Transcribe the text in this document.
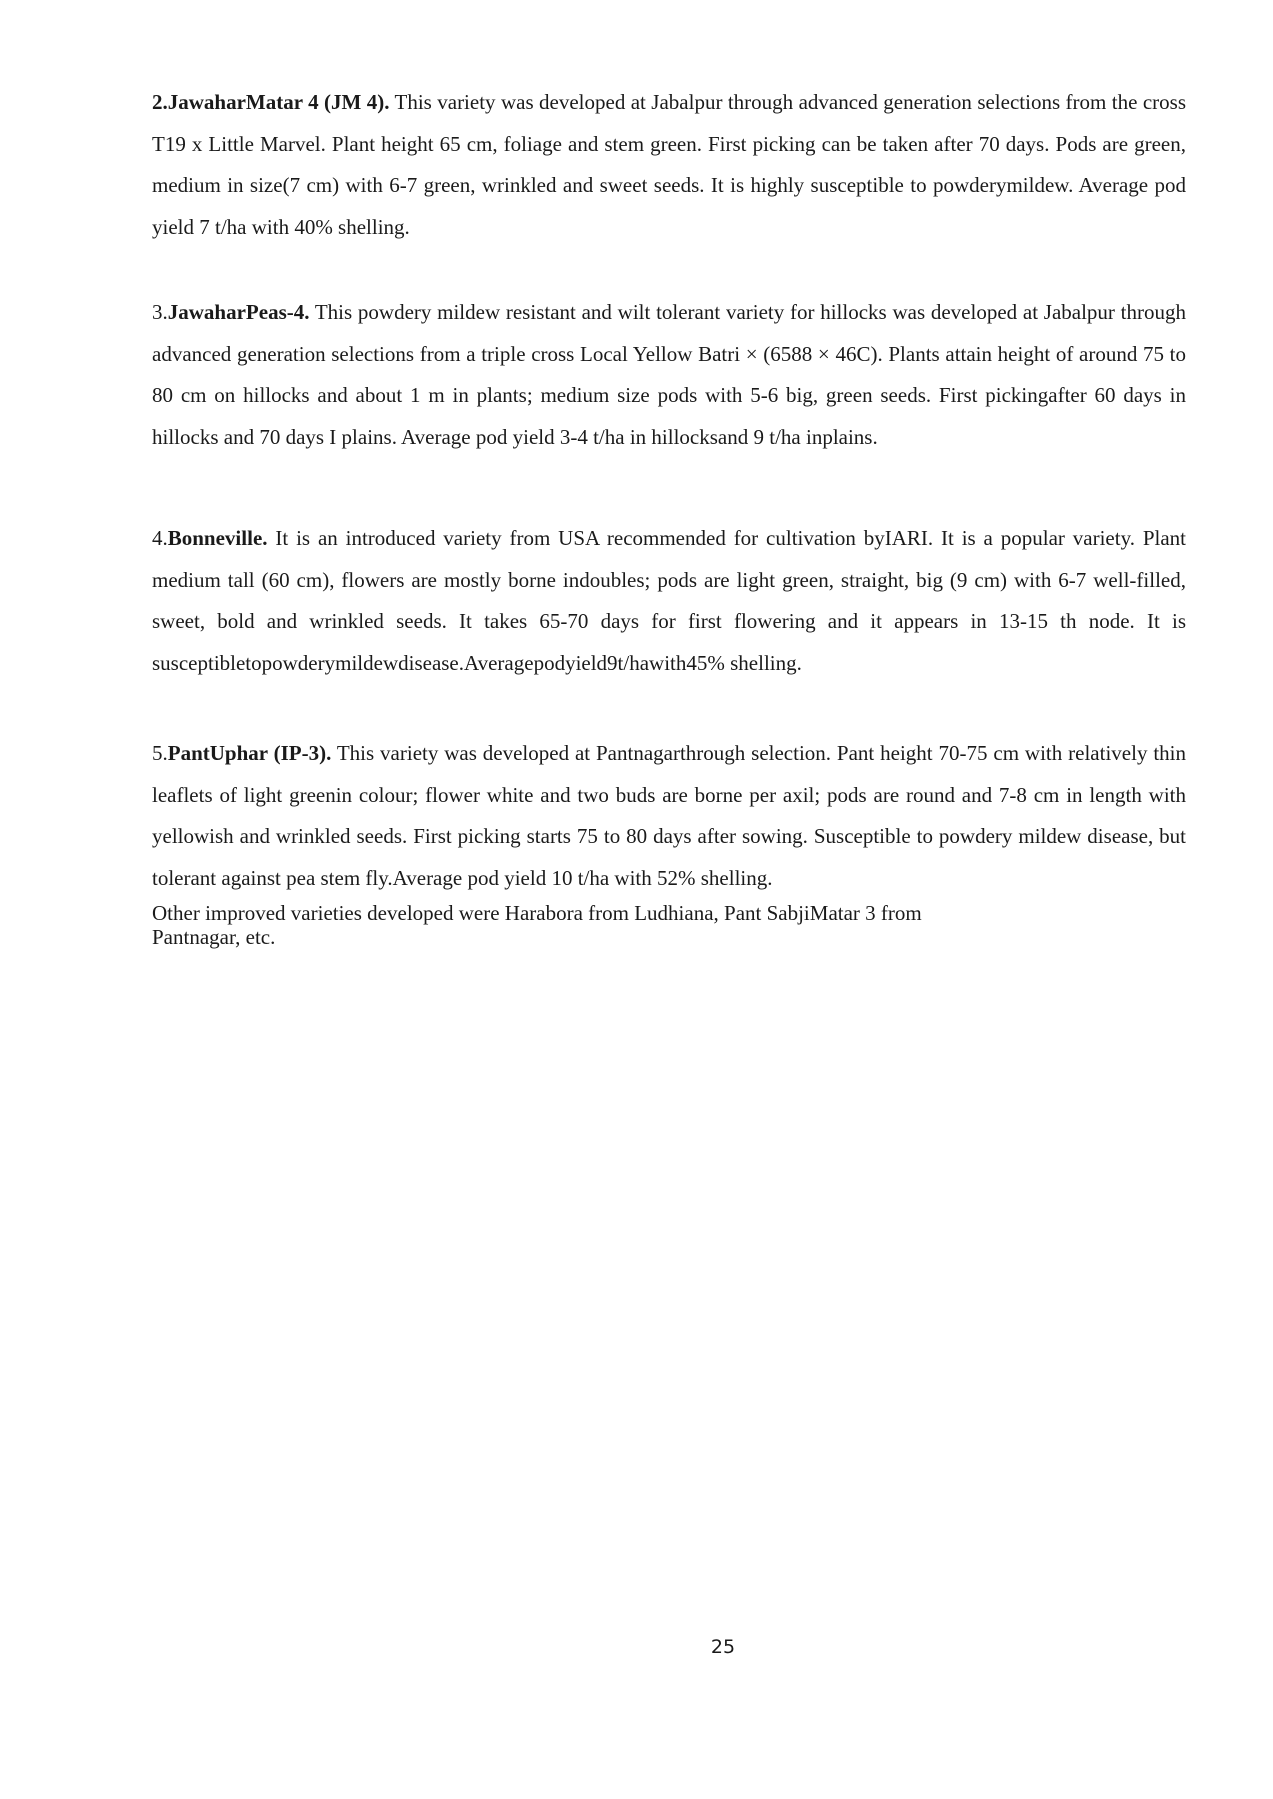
2.JawaharMatar 4 (JM 4). This variety was developed at Jabalpur through advanced generation selections from the cross T19 x Little Marvel. Plant height 65 cm, foliage and stem green. First picking can be taken after 70 days. Pods are green, medium in size(7 cm) with 6-7 green, wrinkled and sweet seeds. It is highly susceptible to powderymildew. Average pod yield 7 t/ha with 40% shelling.

3.JawaharPeas-4. This powdery mildew resistant and wilt tolerant variety for hillocks was developed at Jabalpur through advanced generation selections from a triple cross Local Yellow Batri × (6588 × 46C). Plants attain height of around 75 to 80 cm on hillocks and about 1 m in plants; medium size pods with 5-6 big, green seeds. First pickingafter 60 days in hillocks and 70 days I plains. Average pod yield 3-4 t/ha in hillocksand 9 t/ha inplains.

4.Bonneville. It is an introduced variety from USA recommended for cultivation byIARI. It is a popular variety. Plant medium tall (60 cm), flowers are mostly borne indoubles; pods are light green, straight, big (9 cm) with 6-7 well-filled, sweet, bold and wrinkled seeds. It takes 65-70 days for first flowering and it appears in 13-15 th node. It is susceptibletopowderymildewdisease.Averagepodyield9t/hawith45% shelling.

5.PantUphar (IP-3). This variety was developed at Pantnagarthrough selection. Pant height 70-75 cm with relatively thin leaflets of light greenin colour; flower white and two buds are borne per axil; pods are round and 7-8 cm in length with yellowish and wrinkled seeds. First picking starts 75 to 80 days after sowing. Susceptible to powdery mildew disease, but tolerant against pea stem fly.Average pod yield 10 t/ha with 52% shelling.

Other improved varieties developed were Harabora from Ludhiana, Pant SabjiMatar 3 from
Pantnagar, etc.

25
